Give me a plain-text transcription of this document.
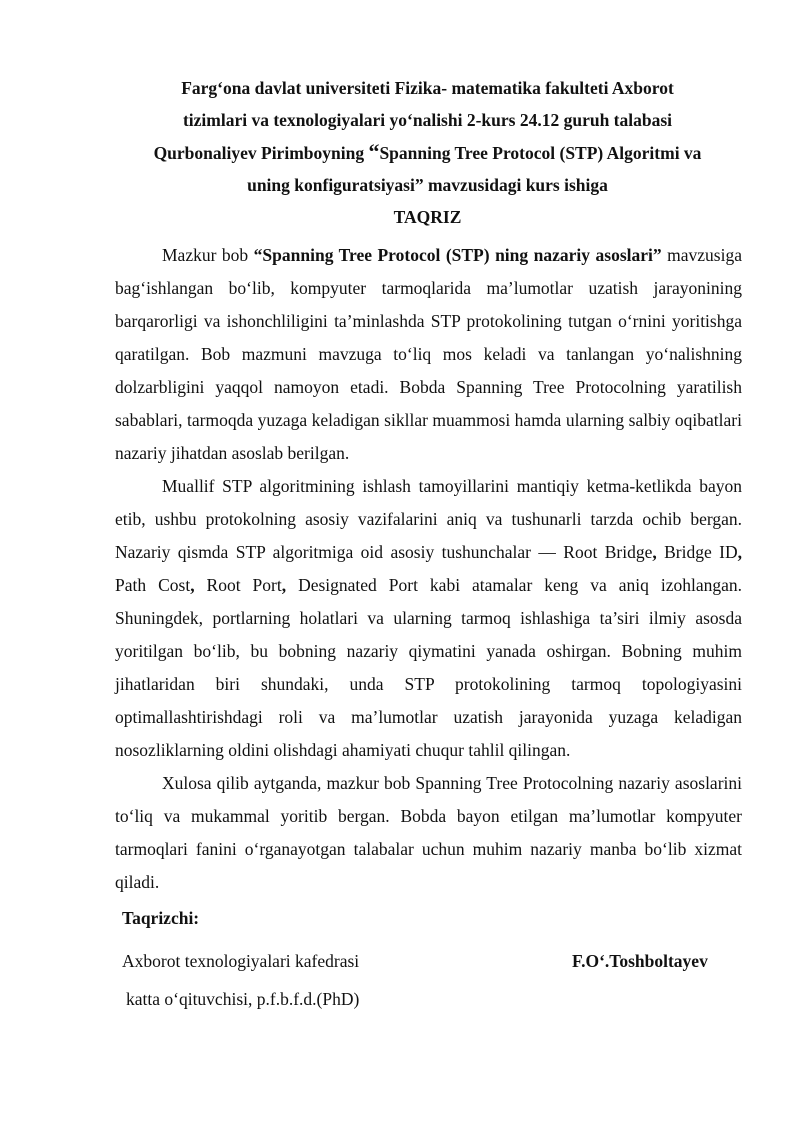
Farg‘ona davlat universiteti Fizika- matematika fakulteti Axborot
tizimlari va texnologiyalari yo‘nalishi 2-kurs 24.12 guruh talabasi
Qurbonaliyev Pirimboyning “Spanning Tree Protocol (STP) Algoritmi va
uning konfiguratsiyasi” mavzusidagi kurs ishiga
TAQRIZ

Mazkur bob “Spanning Tree Protocol (STP) ning nazariy asoslari” mavzusiga bag‘ishlangan bo‘lib, kompyuter tarmoqlarida ma’lumotlar uzatish jarayonining barqarorligi va ishonchliligini ta’minlashda STP protokolining tutgan o‘rnini yoritishga qaratilgan. Bob mazmuni mavzuga to‘liq mos keladi va tanlangan yo‘nalishning dolzarbligini yaqqol namoyon etadi. Bobda Spanning Tree Protocolning yaratilish sabablari, tarmoqda yuzaga keladigan sikllar muammosi hamda ularning salbiy oqibatlari nazariy jihatdan asoslab berilgan.

Muallif STP algoritmining ishlash tamoyillarini mantiqiy ketma-ketlikda bayon etib, ushbu protokolning asosiy vazifalarini aniq va tushunarli tarzda ochib bergan. Nazariy qismda STP algoritmiga oid asosiy tushunchalar — Root Bridge, Bridge ID, Path Cost, Root Port, Designated Port kabi atamalar keng va aniq izohlangan. Shuningdek, portlarning holatlari va ularning tarmoq ishlashiga ta’siri ilmiy asosda yoritilgan bo‘lib, bu bobning nazariy qiymatini yanada oshirgan. Bobning muhim jihatlaridan biri shundaki, unda STP protokolining tarmoq topologiyasini optimallashtirishdagi roli va ma’lumotlar uzatish jarayonida yuzaga keladigan nosozliklarning oldini olishdagi ahamiyati chuqur tahlil qilingan.

Xulosa qilib aytganda, mazkur bob Spanning Tree Protocolning nazariy asoslarini to‘liq va mukammal yoritib bergan. Bobda bayon etilgan ma’lumotlar kompyuter tarmoqlari fanini o‘rganayotgan talabalar uchun muhim nazariy manba bo‘lib xizmat qiladi.

Taqrizchi:
Axborot texnologiyalari kafedrasi	F.O‘.Toshboltayev
katta o‘qituvchisi, p.f.b.f.d.(PhD)
